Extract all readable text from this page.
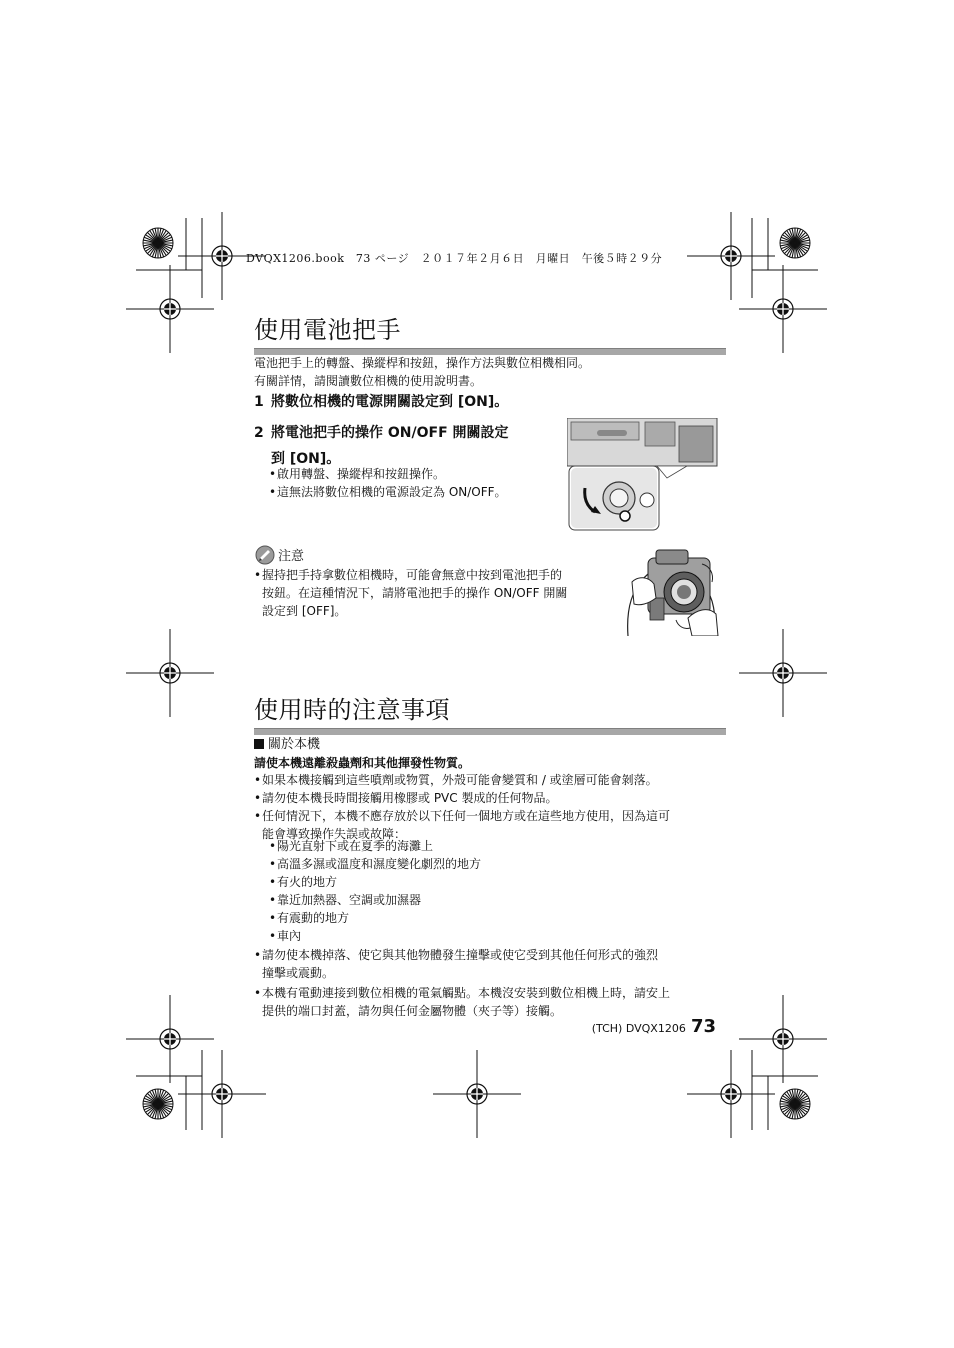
DVQX1206.book　73 ページ　２０１７年２月６日　月曜日　午後５時２９分
使用電池把手
電池把手上的轉盤、操縱桿和按鈕，操作方法與數位相機相同。
有關詳情，請閱讀數位相機的使用說明書。
1 將數位相機的電源開關設定到 [ON]。
2 將電池把手的操作 ON/OFF 開關設定
到 [ON]。
• 啟用轉盤、操縱桿和按鈕操作。
• 這無法將數位相機的電源設定為 ON/OFF。
注意
• 握持把手持拿數位相機時，可能會無意中按到電池把手的
按鈕。在這種情況下，請將電池把手的操作 ON/OFF 開關
設定到 [OFF]。
使用時的注意事項
關於本機
請使本機遠離殺蟲劑和其他揮發性物質。
• 如果本機接觸到這些噴劑或物質，外殼可能會變質和 / 或塗層可能會剝落。
• 請勿使本機長時間接觸用橡膠或 PVC 製成的任何物品。
• 任何情況下，本機不應存放於以下任何一個地方或在這些地方使用，因為這可
能會導致操作失誤或故障：
• 陽光直射下或在夏季的海灘上
• 高溫多濕或溫度和濕度變化劇烈的地方
• 有火的地方
• 靠近加熱器、空調或加濕器
• 有震動的地方
• 車內
• 請勿使本機掉落、使它與其他物體發生撞擊或使它受到其他任何形式的強烈
撞擊或震動。
• 本機有電動連接到數位相機的電氣觸點。本機沒安裝到數位相機上時，請安上
提供的端口封蓋，請勿與任何金屬物體（夾子等）接觸。
(TCH) DVQX1206 73
